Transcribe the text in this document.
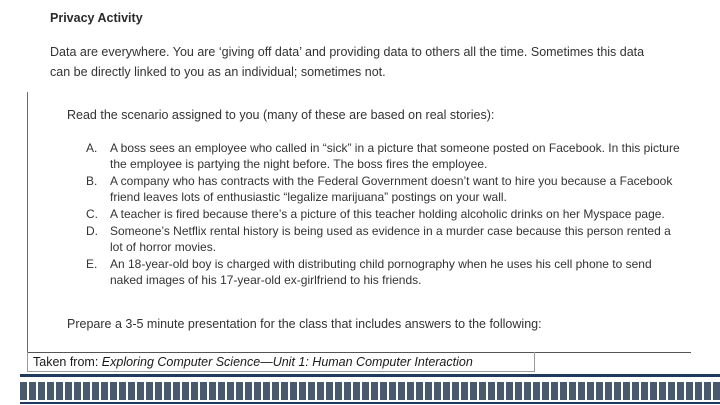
Privacy Activity

Data are everywhere. You are ‘giving off data’ and providing data to others all the time. Sometimes this data

can be directly linked to you as an individual; sometimes not.

Read the scenario assigned to you (many of these are based on real stories):
A.	A boss sees an employee who called in “sick” in a picture that someone posted on Facebook. In this picture the employee is partying the night before. The boss fires the employee.
B.	A company who has contracts with the Federal Government doesn’t want to hire you because a Facebook friend leaves lots of enthusiastic “legalize marijuana” postings on your wall.
C.	A teacher is fired because there’s a picture of this teacher holding alcoholic drinks on her Myspace page.
D.	Someone’s Netflix rental history is being used as evidence in a murder case because this person rented a lot of horror movies.
E.	An 18-year-old boy is charged with distributing child pornography when he uses his cell phone to send naked images of his 17-year-old ex-girlfriend to his friends.
Prepare a 3-5 minute presentation for the class that includes answers to the following:
Taken from: Exploring Computer Science—Unit 1: Human Computer Interaction
